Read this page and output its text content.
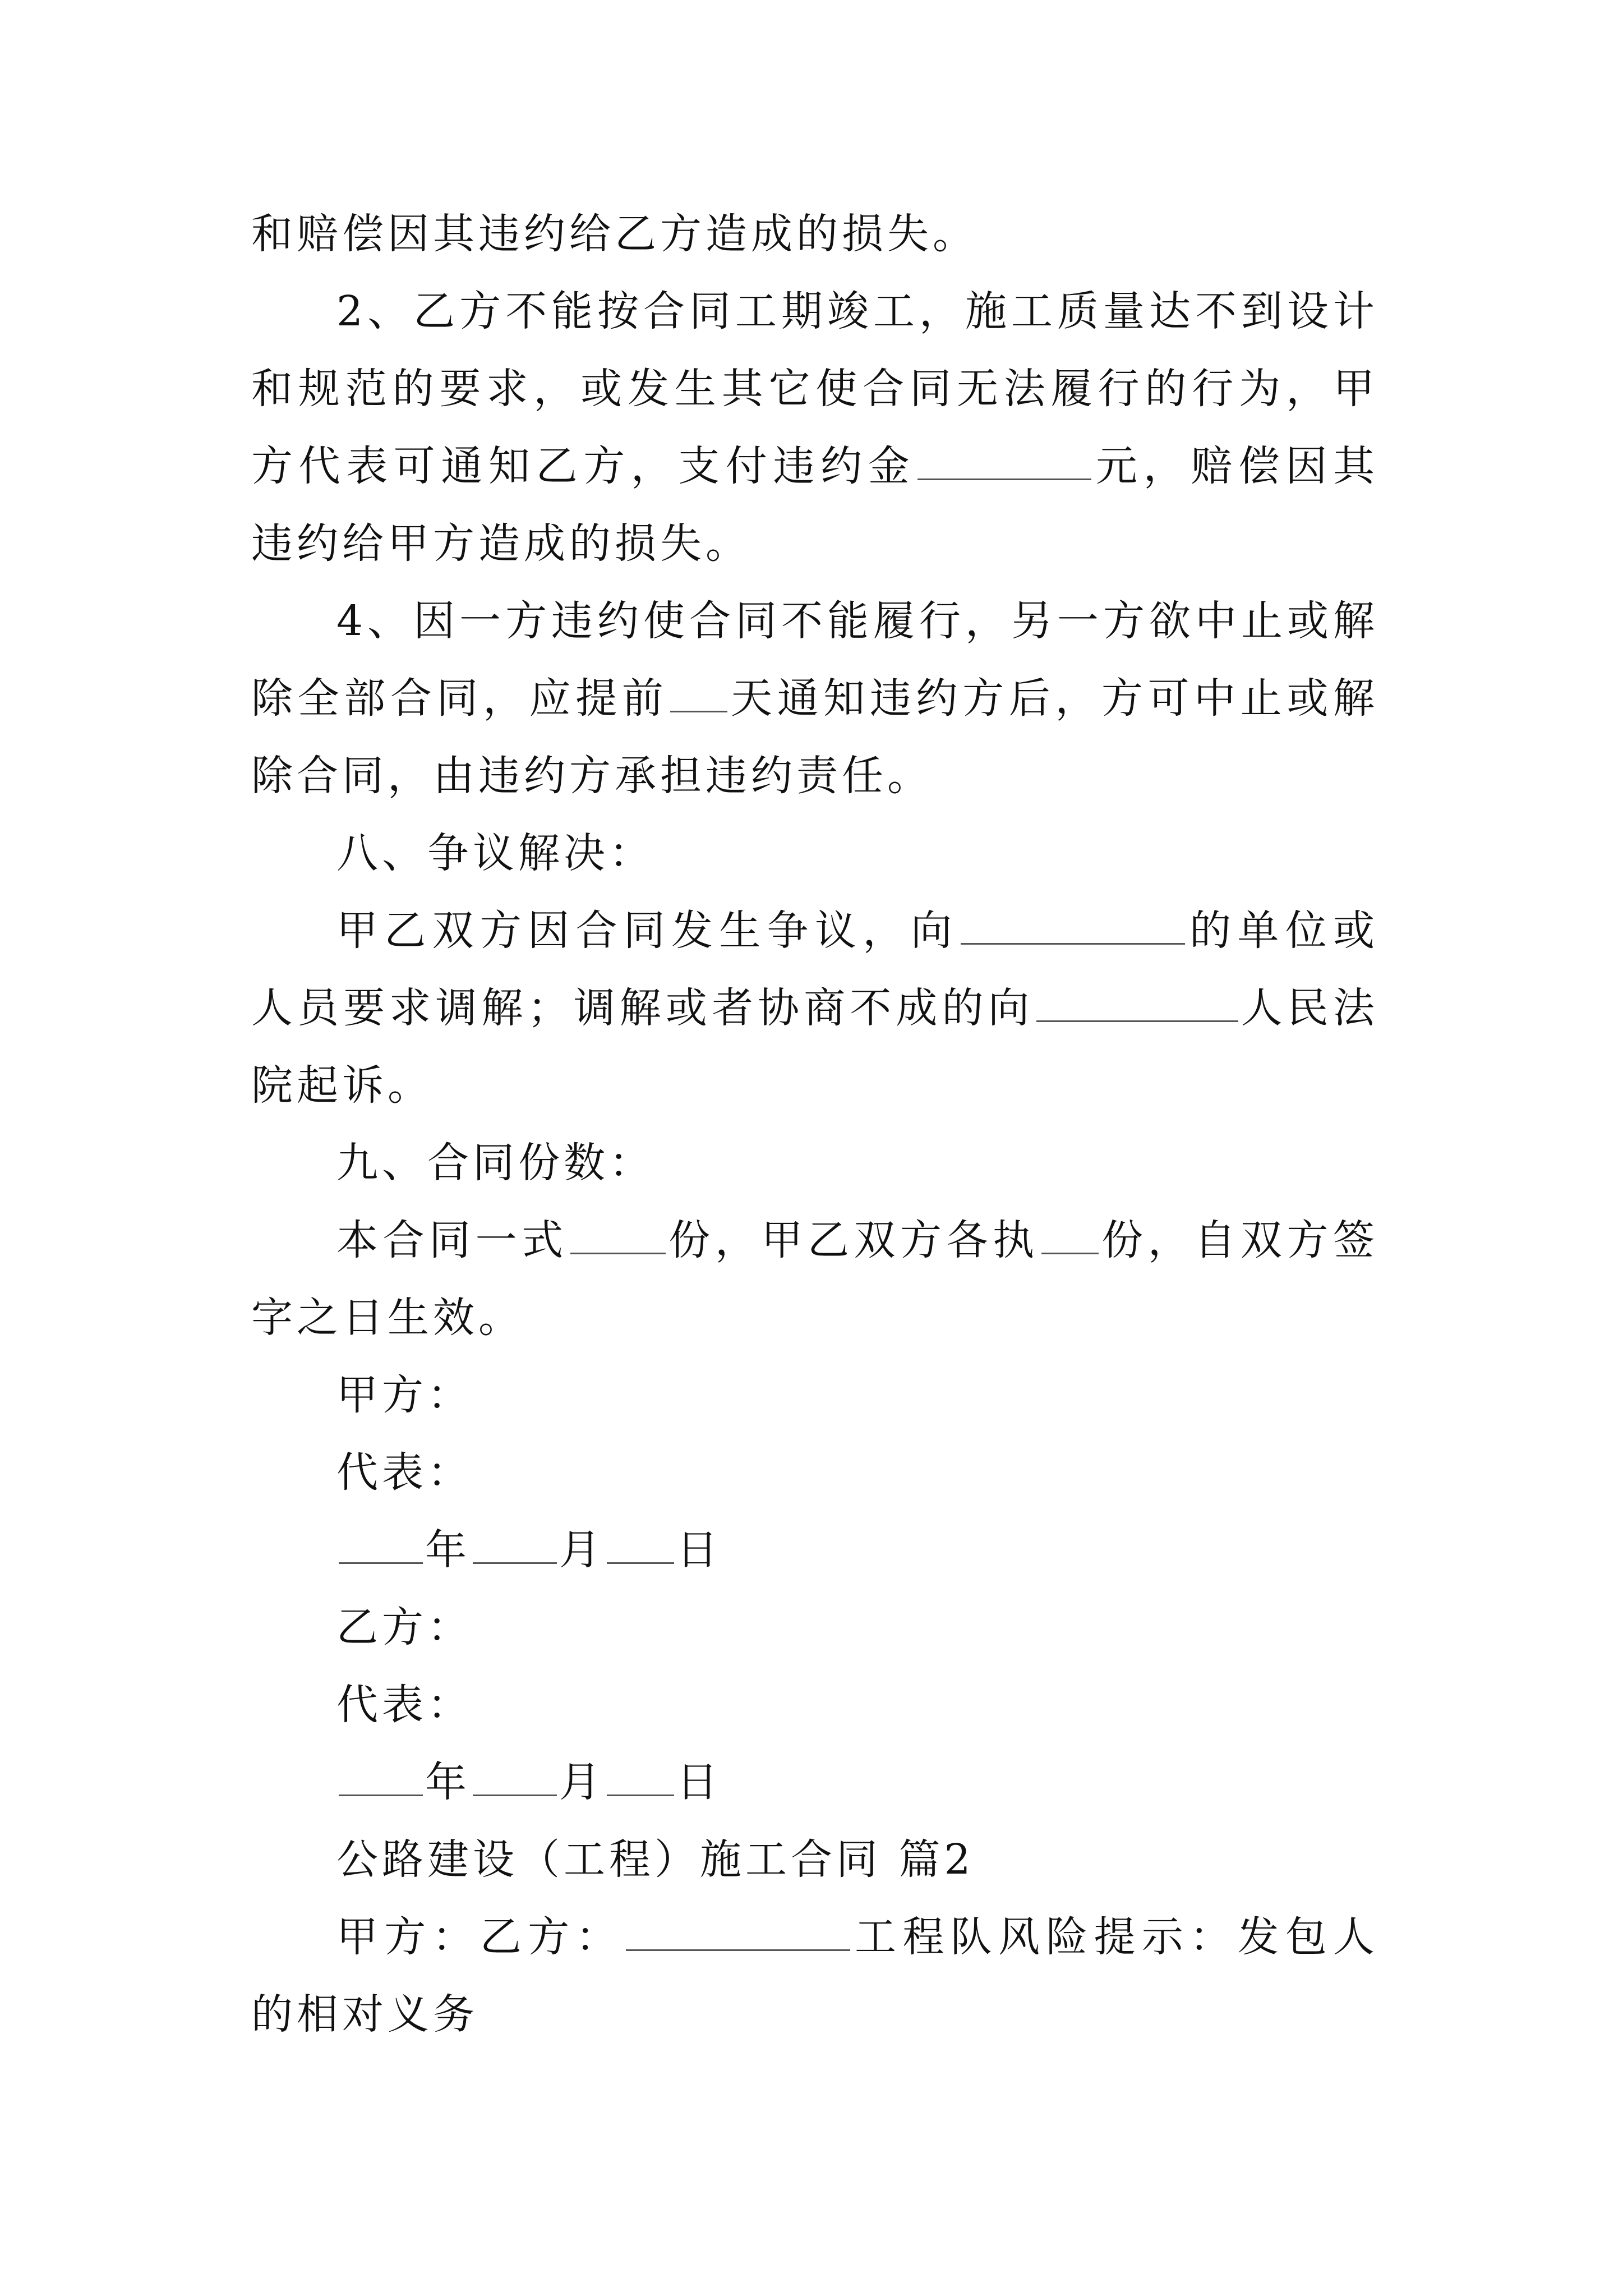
和赔偿因其违约给乙方造成的损失。

2、乙方不能按合同工期竣工，施工质量达不到设计和规范的要求，或发生其它使合同无法履行的行为，甲方代表可通知乙方，支付违约金	元，赔偿因其违约给甲方造成的损失。

4、因一方违约使合同不能履行，另一方欲中止或解除全部合同，应提前 天通知违约方后，方可中止或解除合同，由违约方承担违约责任。

八、争议解决：

甲乙双方因合同发生争议，向	的单位或人员要求调解；调解或者协商不成的向	人民法院起诉。

九、合同份数：

本合同一式 份，甲乙双方各执 份，自双方签字之日生效。

甲方：

代表：

年 月 日

乙方：

代表：

年 月 日

公路建设（工程）施工合同 篇2

甲方：乙方：	工程队风险提示：发包人的相对义务
